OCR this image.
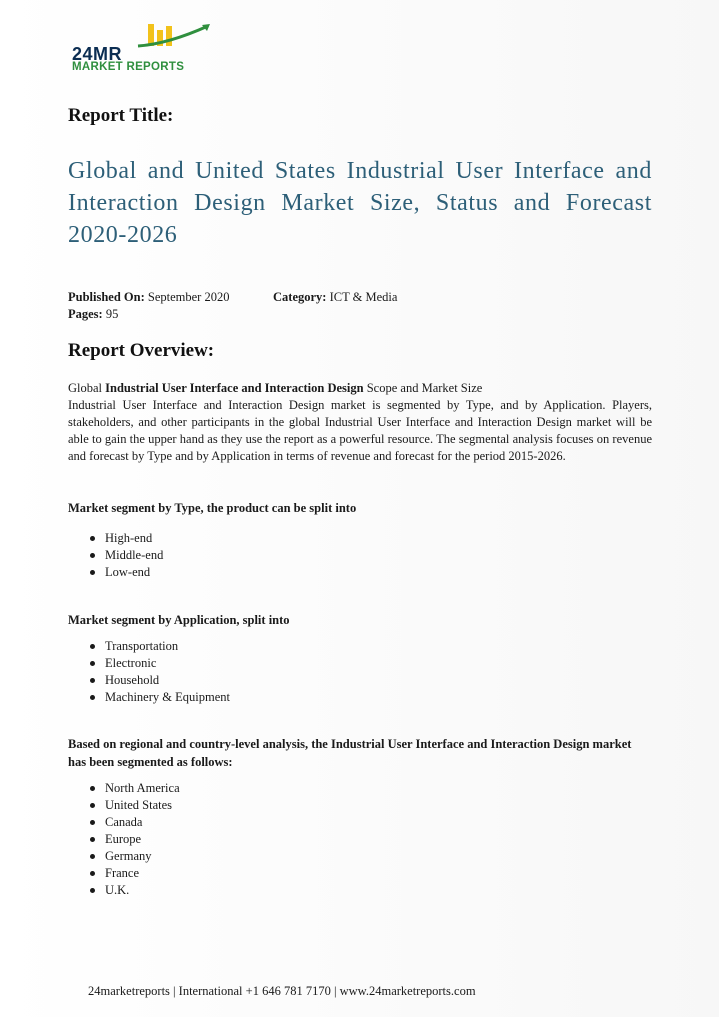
24MR
MARKET REPORTS
Report Title:
Global and United States Industrial User Interface and Interaction Design Market Size, Status and Forecast 2020-2026
Published On: September 2020	Category: ICT & Media
Pages: 95
Report Overview:
Global Industrial User Interface and Interaction Design Scope and Market Size
Industrial User Interface and Interaction Design market is segmented by Type, and by Application. Players, stakeholders, and other participants in the global Industrial User Interface and Interaction Design market will be able to gain the upper hand as they use the report as a powerful resource. The segmental analysis focuses on revenue and forecast by Type and by Application in terms of revenue and forecast for the period 2015-2026.
Market segment by Type, the product can be split into
High-end
Middle-end
Low-end
Market segment by Application, split into
Transportation
Electronic
Household
Machinery & Equipment
Based on regional and country-level analysis, the Industrial User Interface and Interaction Design market has been segmented as follows:
North America
United States
Canada
Europe
Germany
France
U.K.
24marketreports | International +1 646 781 7170 | www.24marketreports.com
